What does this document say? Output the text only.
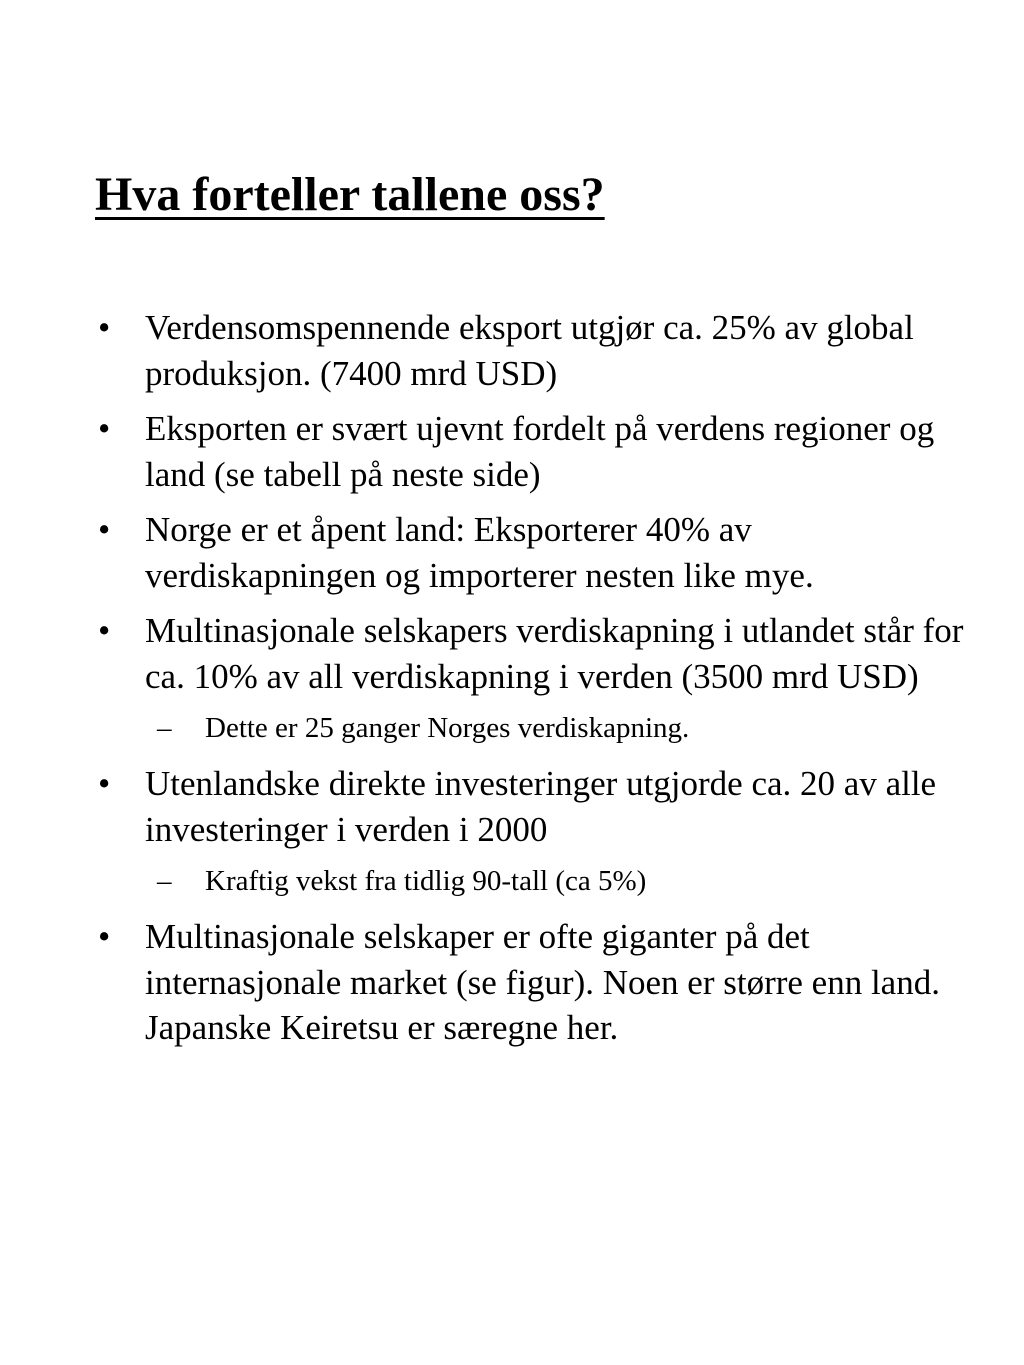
Hva forteller tallene oss?
• Verdensomspennende eksport utgjør ca. 25% av global produksjon. (7400 mrd USD)
• Eksporten er svært ujevnt fordelt på verdens regioner og land (se tabell på neste side)
• Norge er et åpent land: Eksporterer 40% av verdiskapningen og importerer nesten like mye.
• Multinasjonale selskapers verdiskapning i utlandet står for ca. 10% av all verdiskapning i verden (3500 mrd USD)
–	Dette er 25 ganger Norges verdiskapning.
• Utenlandske direkte investeringer utgjorde ca. 20 av alle investeringer i verden i 2000
–	Kraftig vekst fra tidlig 90-tall (ca 5%)
• Multinasjonale selskaper er ofte giganter på det internasjonale market (se figur). Noen er større enn land. Japanske Keiretsu er særegne her.
